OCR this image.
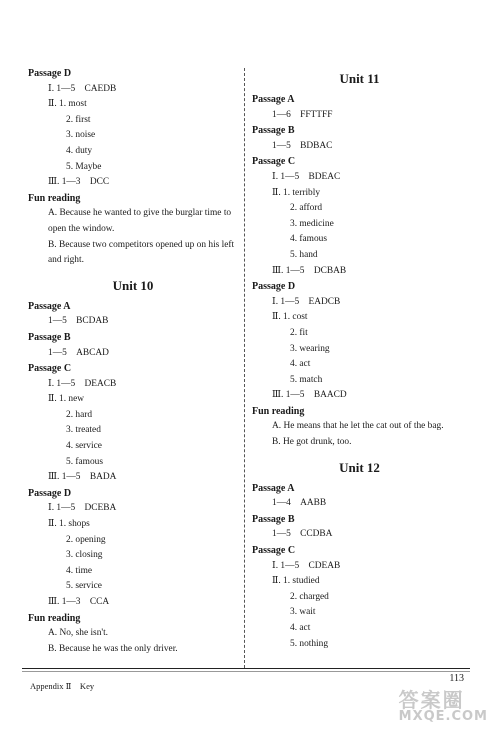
Passage D
Ⅰ. 1—5　CAEDB
Ⅱ. 1. most
2. first
3. noise
4. duty
5. Maybe
Ⅲ. 1—3　DCC
Fun reading
A. Because he wanted to give the burglar time to open the window.
B. Because two competitors opened up on his left and right.
Unit 10
Passage A
1—5　BCDAB
Passage B
1—5　ABCAD
Passage C
Ⅰ. 1—5　DEACB
Ⅱ. 1. new
2. hard
3. treated
4. service
5. famous
Ⅲ. 1—5　BADA
Passage D
Ⅰ. 1—5　DCEBA
Ⅱ. 1. shops
2. opening
3. closing
4. time
5. service
Ⅲ. 1—3　CCA
Fun reading
A. No, she isn't.
B. Because he was the only driver.
Unit 11
Passage A
1—6　FFTTFF
Passage B
1—5　BDBAC
Passage C
Ⅰ. 1—5　BDEAC
Ⅱ. 1. terribly
2. afford
3. medicine
4. famous
5. hand
Ⅲ. 1—5　DCBAB
Passage D
Ⅰ. 1—5　EADCB
Ⅱ. 1. cost
2. fit
3. wearing
4. act
5. match
Ⅲ. 1—5　BAACD
Fun reading
A. He means that he let the cat out of the bag.
B. He got drunk, too.
Unit 12
Passage A
1—4　AABB
Passage B
1—5　CCDBA
Passage C
Ⅰ. 1—5　CDEAB
Ⅱ. 1. studied
2. charged
3. wait
4. act
5. nothing
113
Appendix Ⅱ　Key
答案圈
MXQE.COM
